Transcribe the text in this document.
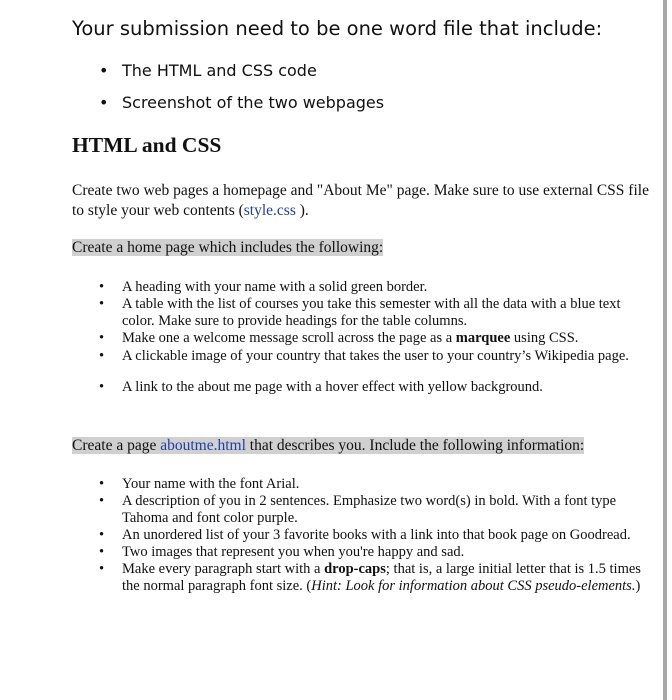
Your submission need to be one word file that include:
• The HTML and CSS code
• Screenshot of the two webpages
HTML and CSS

Create two web pages a homepage and "About Me" page. Make sure to use external CSS file to style your web contents (style.css ).

Create a home page which includes the following:
• A heading with your name with a solid green border.
• A table with the list of courses you take this semester with all the data with a blue text color. Make sure to provide headings for the table columns.
• Make one a welcome message scroll across the page as a marquee using CSS.
• A clickable image of your country that takes the user to your country’s Wikipedia page.
• A link to the about me page with a hover effect with yellow background.
Create a page aboutme.html that describes you. Include the following information:
• Your name with the font Arial.
• A description of you in 2 sentences. Emphasize two word(s) in bold. With a font type Tahoma and font color purple.
• An unordered list of your 3 favorite books with a link into that book page on Goodread.
• Two images that represent you when you're happy and sad.
• Make every paragraph start with a drop-caps; that is, a large initial letter that is 1.5 times the normal paragraph font size. (Hint: Look for information about CSS pseudo-elements.)
